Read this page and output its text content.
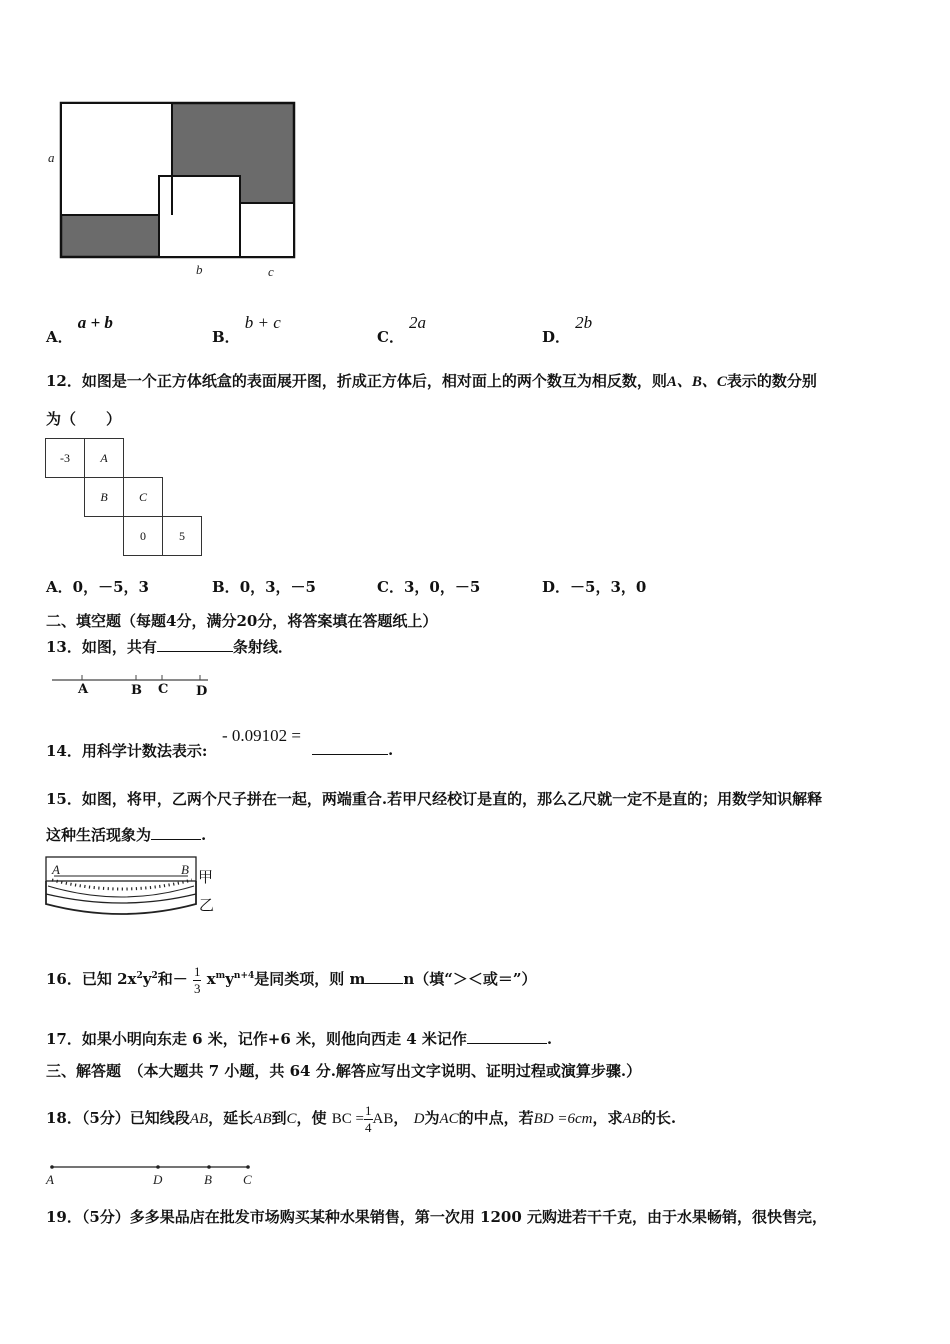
a
b	c
A． a + b
B． b + c
C． 2a
D． 2b
12．如图是一个正方体纸盒的表面展开图，折成正方体后，相对面上的两个数互为相反数，则A、B、C表示的数分别
为（　　）
-3	A		
	B	C	
		0	5
A．0，－5，3	B．0，3，－5	C．3，0，－5	D．－5，3，0
二、填空题（每题4分，满分20分，将答案填在答题纸上）
13．如图，共有	条射线．
A	B C D
14．用科学计数法表示:
- 0.09102 =
.
15．如图，将甲，乙两个尺子拼在一起，两端重合.若甲尺经校订是直的，那么乙尺就一定不是直的；用数学知识解释
这种生活现象为	.
A	B 甲
乙
16．已知 $2x^2y^2$和－ $\frac{1}{3} x^my^{n+4}$是同类项，则 m	n（填“＞＜或＝”）
17．如果小明向东走 6 米，记作+6 米，则他向西走 4 米记作	.
三、解答题　（本大题共 7 小题，共 64 分.解答应写出文字说明、证明过程或演算步骤.）
18．（5分）已知线段AB，延长AB到C，使 BC = $\frac{1}{4}AB$， D为AC的中点，若BD =6cm，求AB的长.
A	D	B C
19．（5分）多多果品店在批发市场购买某种水果销售，第一次用 1200 元购进若干千克，由于水果畅销，很快售完，
